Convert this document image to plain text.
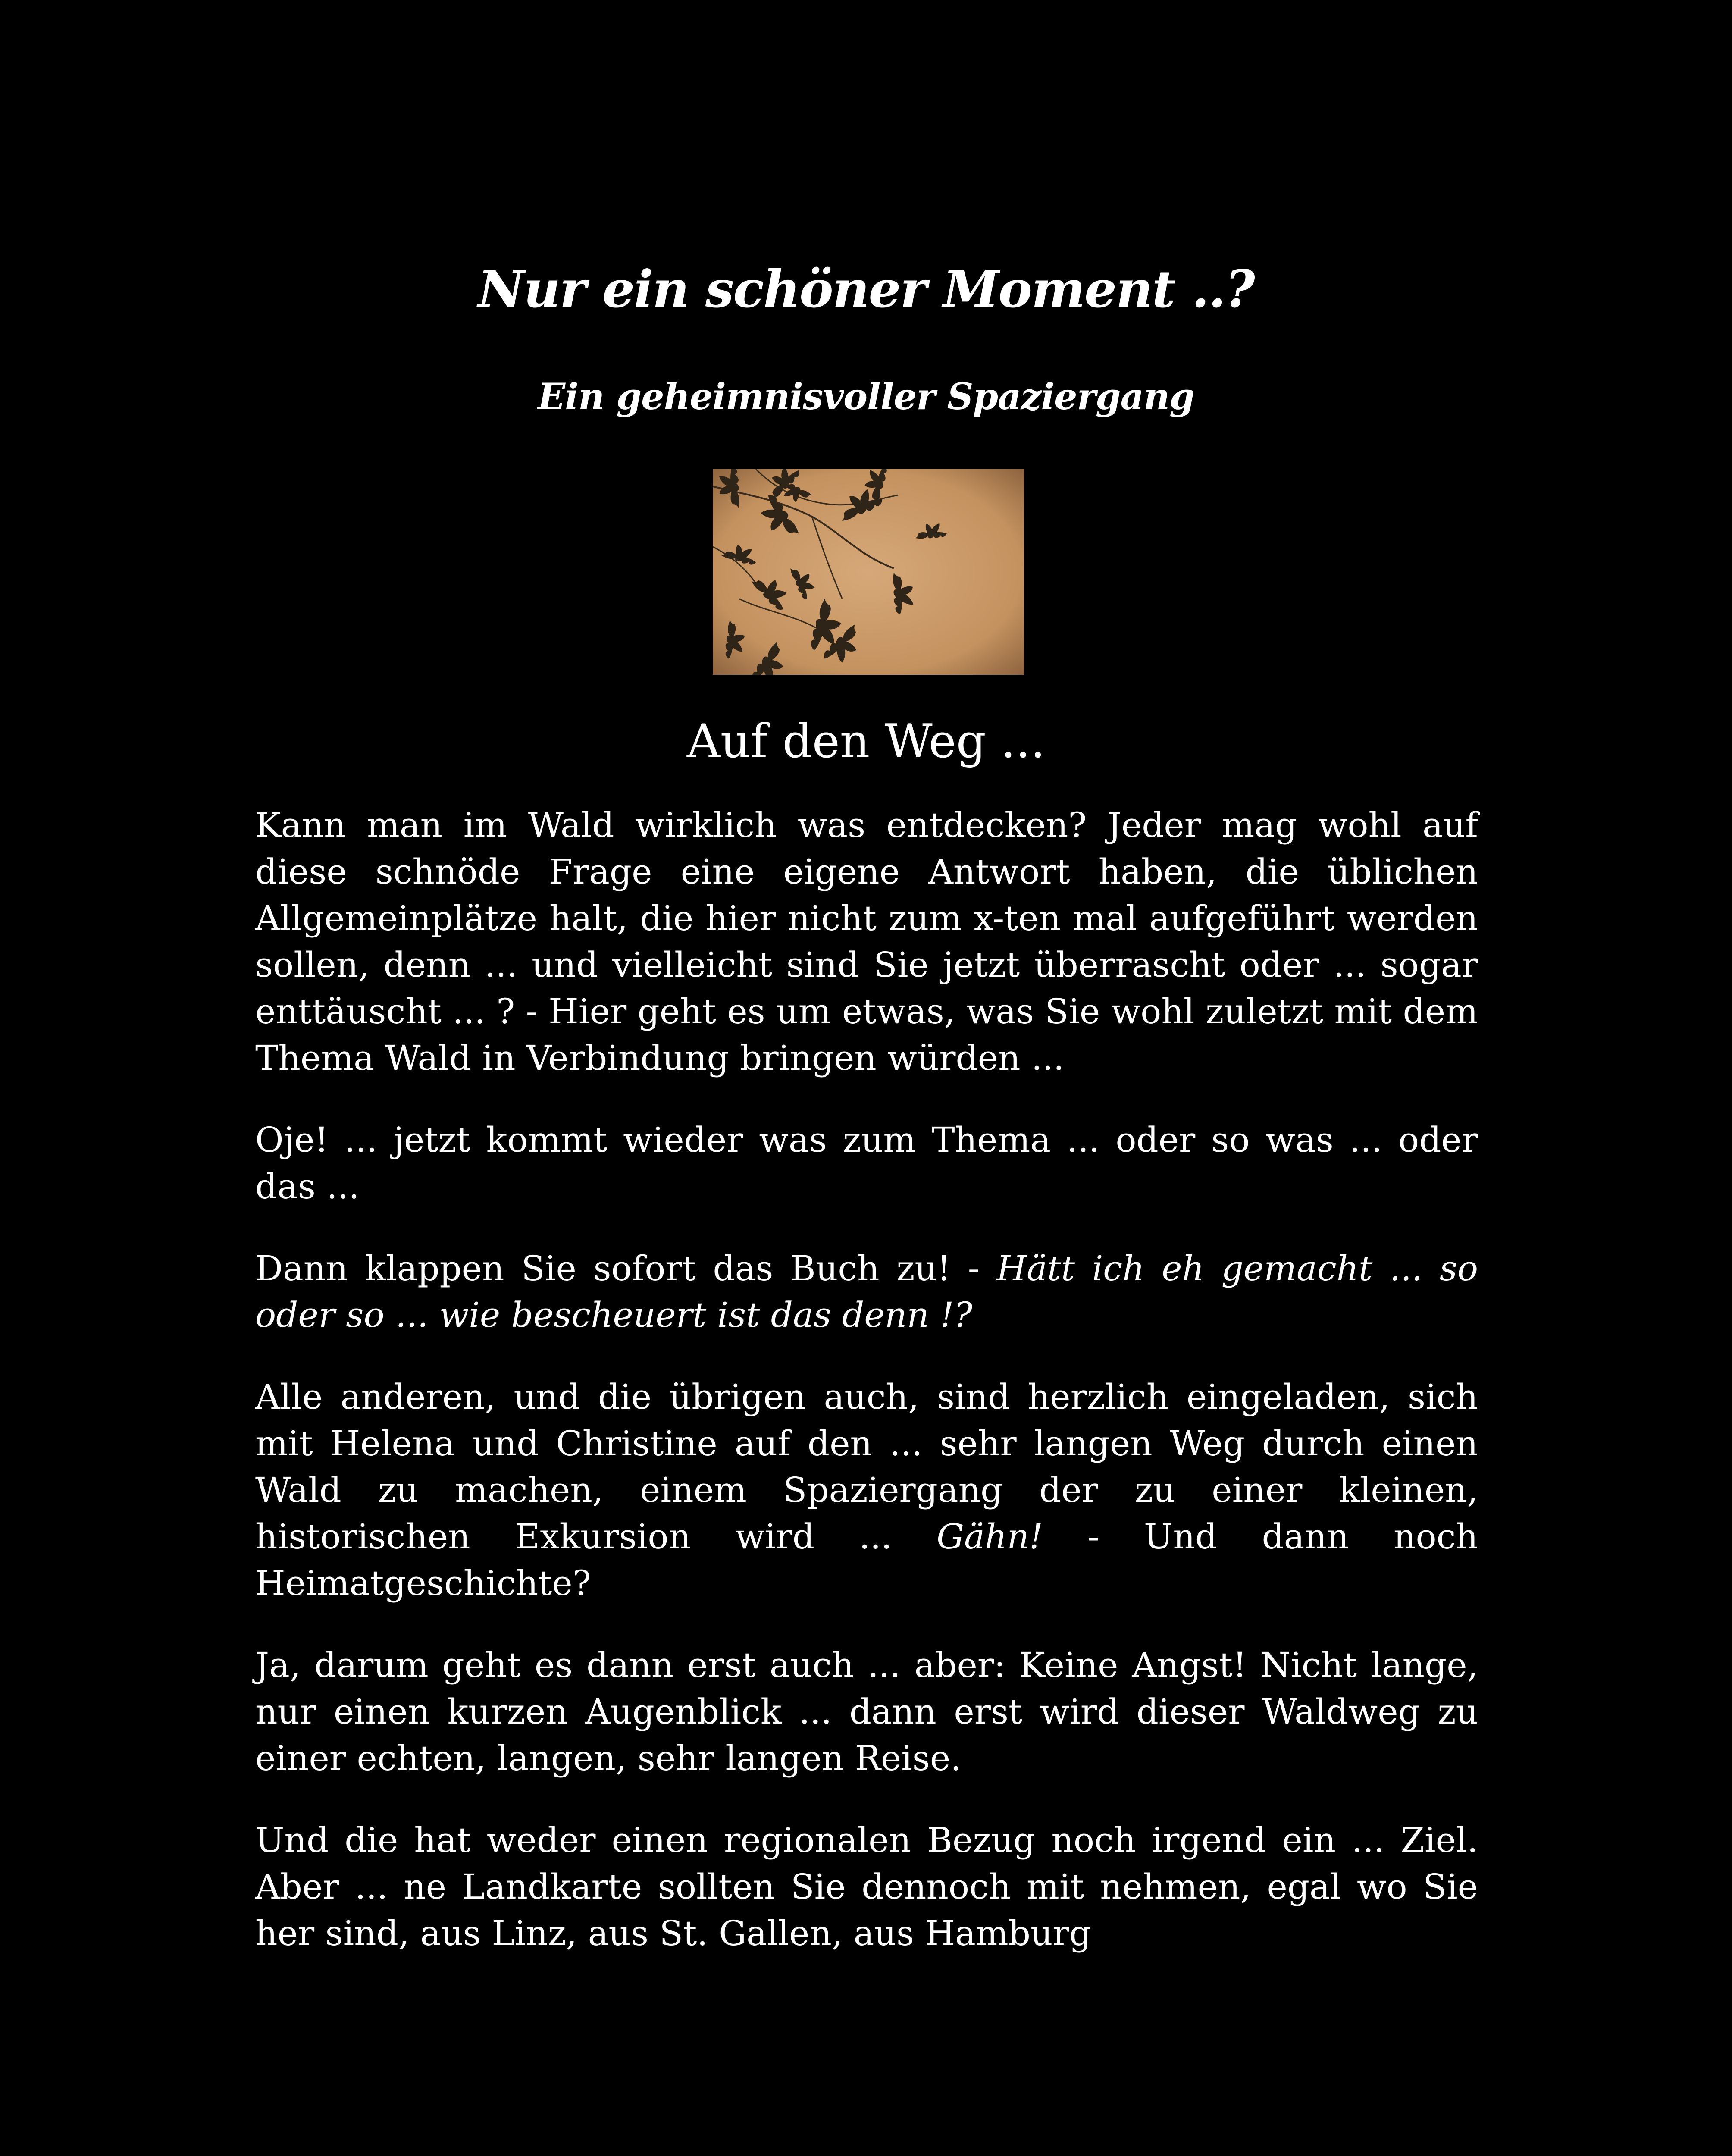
Nur ein schöner Moment ..?
Ein geheimnisvoller Spaziergang
Auf den Weg ...

Kann man im Wald wirklich was entdecken? Jeder mag wohl auf diese schnöde Frage eine eigene Antwort haben, die üblichen Allgemeinplätze halt, die hier nicht zum x-ten mal aufgeführt werden sollen, denn ... und vielleicht sind Sie jetzt überrascht oder ... sogar enttäuscht ... ? - Hier geht es um etwas, was Sie wohl zuletzt mit dem Thema Wald in Verbindung bringen würden ...

Oje! ... jetzt kommt wieder was zum Thema ... oder so was ... oder das ...

Dann klappen Sie sofort das Buch zu! - Hätt ich eh gemacht ... so oder so ... wie bescheuert ist das denn !?

Alle anderen, und die übrigen auch, sind herzlich eingeladen, sich mit Helena und Christine auf den ... sehr langen Weg durch einen Wald zu machen, einem Spaziergang der zu einer kleinen, historischen Exkursion wird ... Gähn! - Und dann noch Heimatgeschichte?

Ja, darum geht es dann erst auch ... aber: Keine Angst! Nicht lange, nur einen kurzen Augenblick ... dann erst wird dieser Waldweg zu einer echten, langen, sehr langen Reise.

Und die hat weder einen regionalen Bezug noch irgend ein ... Ziel. Aber ... ne Landkarte sollten Sie dennoch mit nehmen, egal wo Sie her sind, aus Linz, aus St. Gallen, aus Hamburg
